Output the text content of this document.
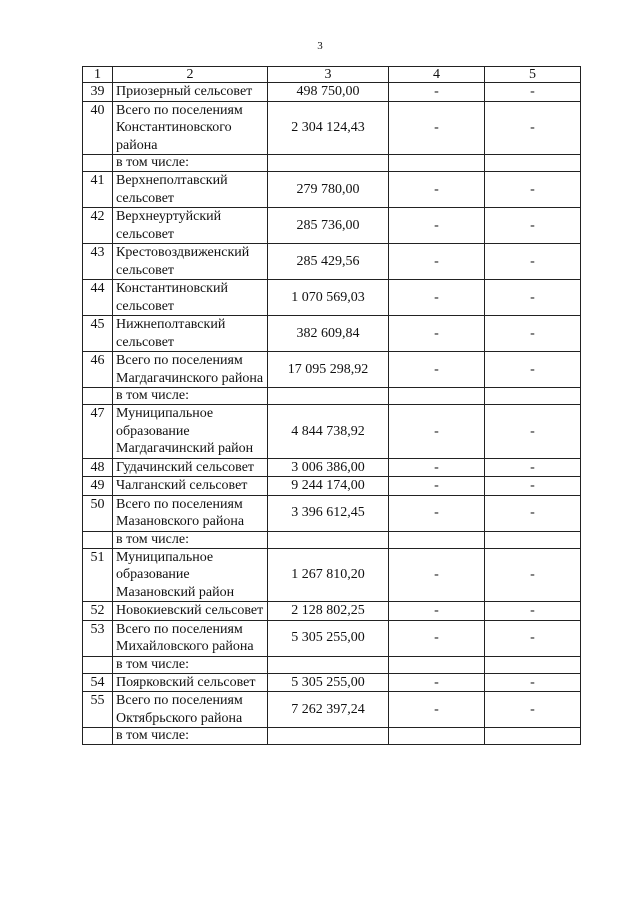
3
1	2	3	4	5
39	Приозерный сельсовет	498 750,00	-	-
40	Всего по поселениям Константиновского района	2 304 124,43	-	-
	в том числе:			
41	Верхнеполтавский сельсовет	279 780,00	-	-
42	Верхнеуртуйский сельсовет	285 736,00	-	-
43	Крестовоздвиженский сельсовет	285 429,56	-	-
44	Константиновский сельсовет	1 070 569,03	-	-
45	Нижнеполтавский сельсовет	382 609,84	-	-
46	Всего по поселениям Магдагачинского района	17 095 298,92	-	-
	в том числе:			
47	Муниципальное образование Магдагачинский район	4 844 738,92	-	-
48	Гудачинский сельсовет	3 006 386,00	-	-
49	Чалганский сельсовет	9 244 174,00	-	-
50	Всего по поселениям Мазановского района	3 396 612,45	-	-
	в том числе:			
51	Муниципальное образование Мазановский район	1 267 810,20	-	-
52	Новокиевский сельсовет	2 128 802,25	-	-
53	Всего по поселениям Михайловского района	5 305 255,00	-	-
	в том числе:			
54	Поярковский сельсовет	5 305 255,00	-	-
55	Всего по поселениям Октябрьского района	7 262 397,24	-	-
	в том числе:			
